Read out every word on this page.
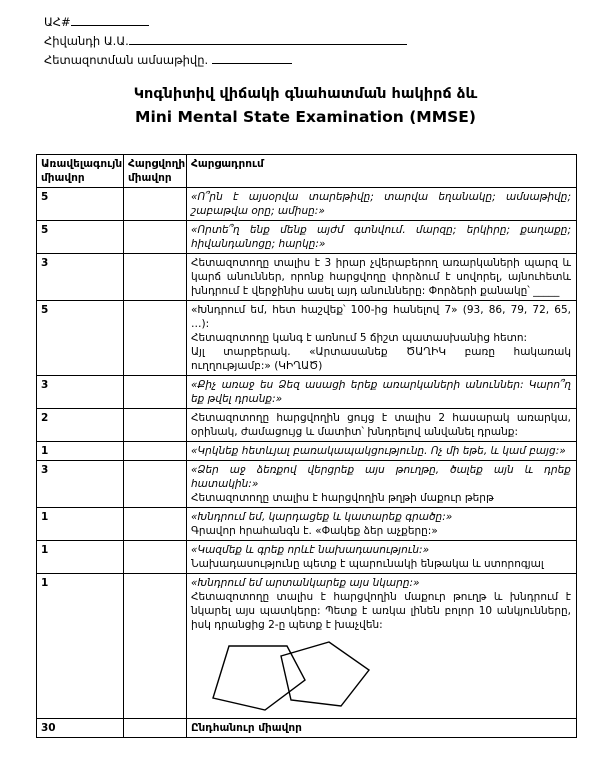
ԱՀ#
Հիվանդի Ա.Ա.
Հետազոտման ամսաթիվը.
Կոգնիտիվ վիճակի գնահատման հակիրճ ձև
Mini Mental State Examination (MMSE)
Առավելագույն միավոր	Հարցվողի միավոր	Հարցադրում
5		«Ո՞րն է այսօրվա տարեթիվը; տարվա եղանակը; ամսաթիվը; շաբաթվա օրը; ամիսը:»

5		«Որտե՞ղ ենք մենք այժմ գտնվում. մարզը; երկիրը; քաղաքը; հիվանդանոցը; հարկը:»

3		Հետազոտողը տալիս է 3 իրար չվերաբերող առարկաների պարզ և կարճ անուններ, որոնք հարցվողը փորձում է սովորել, այնուհետև խնդրում է վերջինիս ասել այդ անունները: Փորձերի քանակը՝ _____

5		«Խնդրում եմ, հետ հաշվեք՝ 100-ից հանելով 7» (93, 86, 79, 72, 65, …):
Հետազոտողը կանգ է առնում 5 ճիշտ պատասխանից հետո:
Այլ տարբերակ. «Արտասանեք ԾԱՂԻԿ բառը հակառակ ուղղությամբ:» (ԿԻՂԱԾ)

3		«Քիչ առաջ ես Ձեզ ասացի երեք առարկաների անուններ: Կարո՞ղ եք թվել դրանք:»

2		Հետազոտողը հարցվողին ցույց է տալիս 2 հասարակ առարկա, օրինակ, ժամացույց և մատիտ՝ խնդրելով անվանել դրանք:

1		«Կրկնեք հետևյալ բառակապակցությունը. Ոչ մի եթե, և կամ բայց:»

3		«Ձեր աջ ձեռքով վերցրեք այս թուղթը, ծալեք այն և դրեք հատակին:»
Հետազոտողը տալիս է հարցվողին թղթի մաքուր թերթ

1		«Խնդրում եմ, կարդացեք և կատարեք գրածը:»
Գրավոր հրահանգն է. «Փակեք ձեր աչքերը:»

1		«Կազմեք և գրեք որևէ նախադասություն:»
Նախադասությունը պետք է պարունակի ենթակա և ստորոգյալ

1		«Խնդրում եմ արտանկարեք այս նկարը:»
Հետազոտողը տալիս է հարցվողին մաքուր թուղթ և խնդրում է նկարել այս պատկերը: Պետք է առկա լինեն բոլոր 10 անկյունները, իսկ դրանցից 2-ը պետք է խաչվեն:

30		Ընդհանուր միավոր
